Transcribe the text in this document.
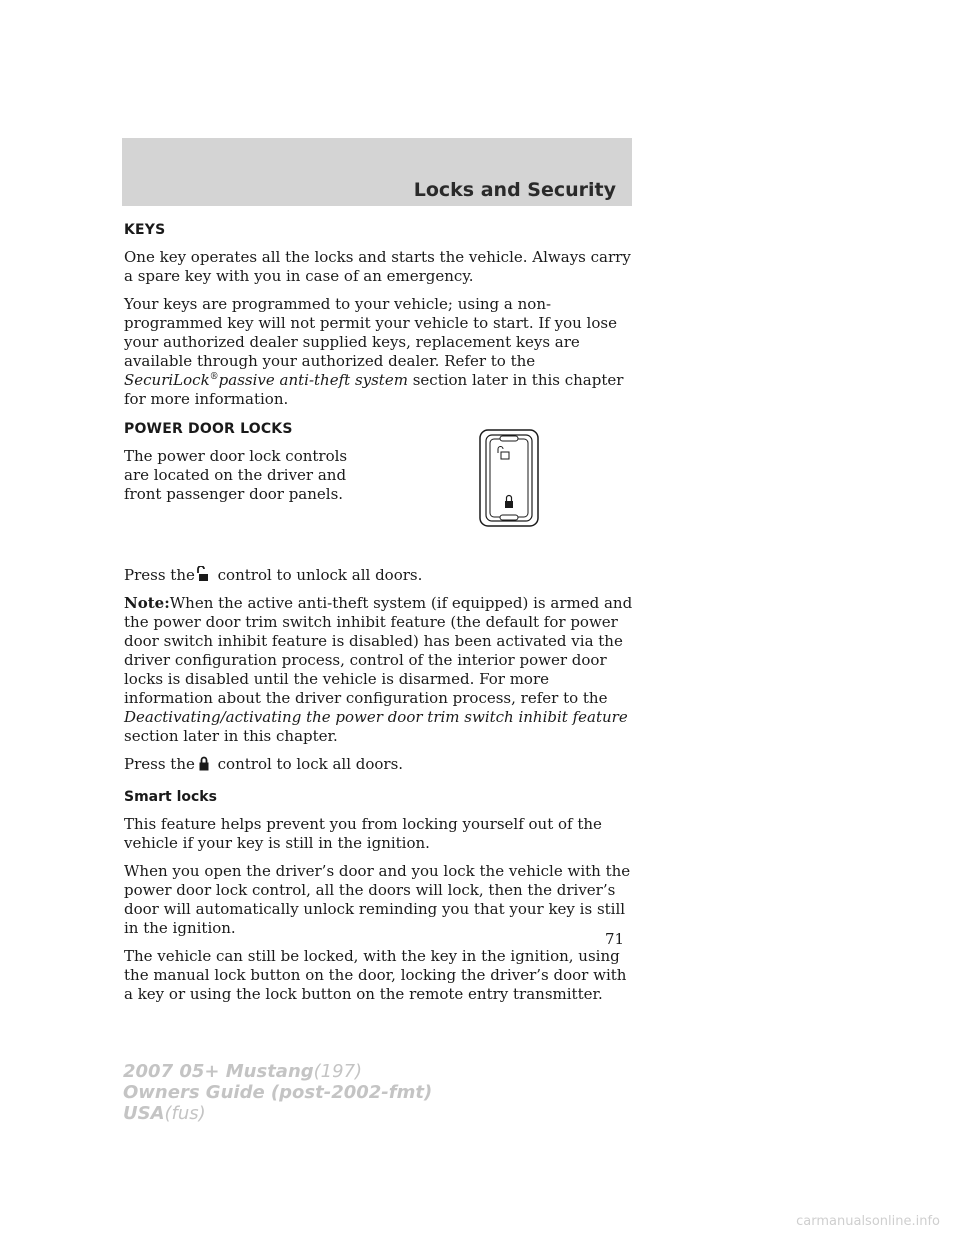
Locks and Security
KEYS

One key operates all the locks and starts the vehicle. Always carry a spare key with you in case of an emergency.

Your keys are programmed to your vehicle; using a non-programmed key will not permit your vehicle to start. If you lose your authorized dealer supplied keys, replacement keys are available through your authorized dealer. Refer to the SecuriLock®passive anti-theft system section later in this chapter for more information.

POWER DOOR LOCKS

The power door lock controls are located on the driver and front passenger door panels.

Press the control to unlock all doors.

Note:When the active anti-theft system (if equipped) is armed and the power door trim switch inhibit feature (the default for power door switch inhibit feature is disabled) has been activated via the driver configuration process, control of the interior power door locks is disabled until the vehicle is disarmed. For more information about the driver configuration process, refer to the Deactivating/activating the power door trim switch inhibit feature section later in this chapter.

Press the control to lock all doors.

Smart locks

This feature helps prevent you from locking yourself out of the vehicle if your key is still in the ignition.

When you open the driver’s door and you lock the vehicle with the power door lock control, all the doors will lock, then the driver’s door will automatically unlock reminding you that your key is still in the ignition.

The vehicle can still be locked, with the key in the ignition, using the manual lock button on the door, locking the driver’s door with a key or using the lock button on the remote entry transmitter.

71
2007 05+ Mustang(197)
Owners Guide (post-2002-fmt)
USA(fus)
carmanualsonline.info
